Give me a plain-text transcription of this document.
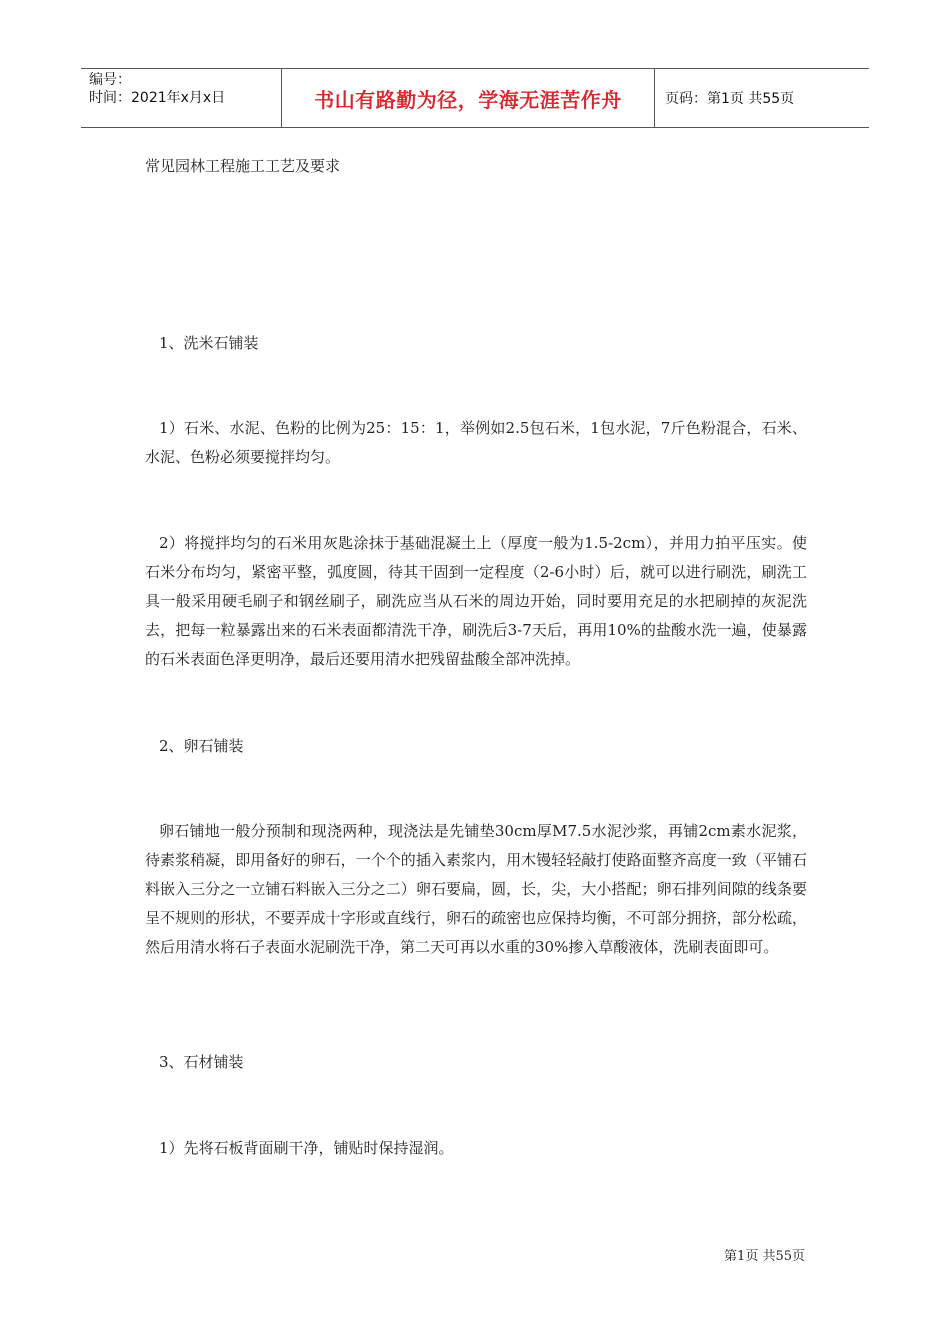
编号：
时间：2021年x月x日	书山有路勤为径，学海无涯苦作舟	页码：第1页 共55页
常见园林工程施工工艺及要求

1、洗米石铺装

1）石米、水泥、色粉的比例为25：15：1，举例如2.5包石米，1包水泥，7斤色粉混合，石米、水泥、色粉必须要搅拌均匀。

2）将搅拌均匀的石米用灰匙涂抹于基础混凝土上（厚度一般为1.5-2cm），并用力拍平压实。使石米分布均匀，紧密平整，弧度圆，待其干固到一定程度（2-6小时）后，就可以进行刷洗，刷洗工具一般采用硬毛刷子和钢丝刷子，刷洗应当从石米的周边开始，同时要用充足的水把刷掉的灰泥洗去，把每一粒暴露出来的石米表面都清洗干净，刷洗后3-7天后，再用10%的盐酸水洗一遍，使暴露的石米表面色泽更明净，最后还要用清水把残留盐酸全部冲洗掉。

2、卵石铺装

卵石铺地一般分预制和现浇两种，现浇法是先铺垫30cm厚M7.5水泥沙浆，再铺2cm素水泥浆，待素浆稍凝，即用备好的卵石，一个个的插入素浆内，用木镘轻轻敲打使路面整齐高度一致（平铺石料嵌入三分之一立铺石料嵌入三分之二）卵石要扁，圆，长，尖，大小搭配；卵石排列间隙的线条要呈不规则的形状，不要弄成十字形或直线行，卵石的疏密也应保持均衡，不可部分拥挤，部分松疏，然后用清水将石子表面水泥刷洗干净，第二天可再以水重的30%掺入草酸液体，洗刷表面即可。

3、石材铺装

1）先将石板背面刷干净，铺贴时保持湿润。

第1页 共55页
